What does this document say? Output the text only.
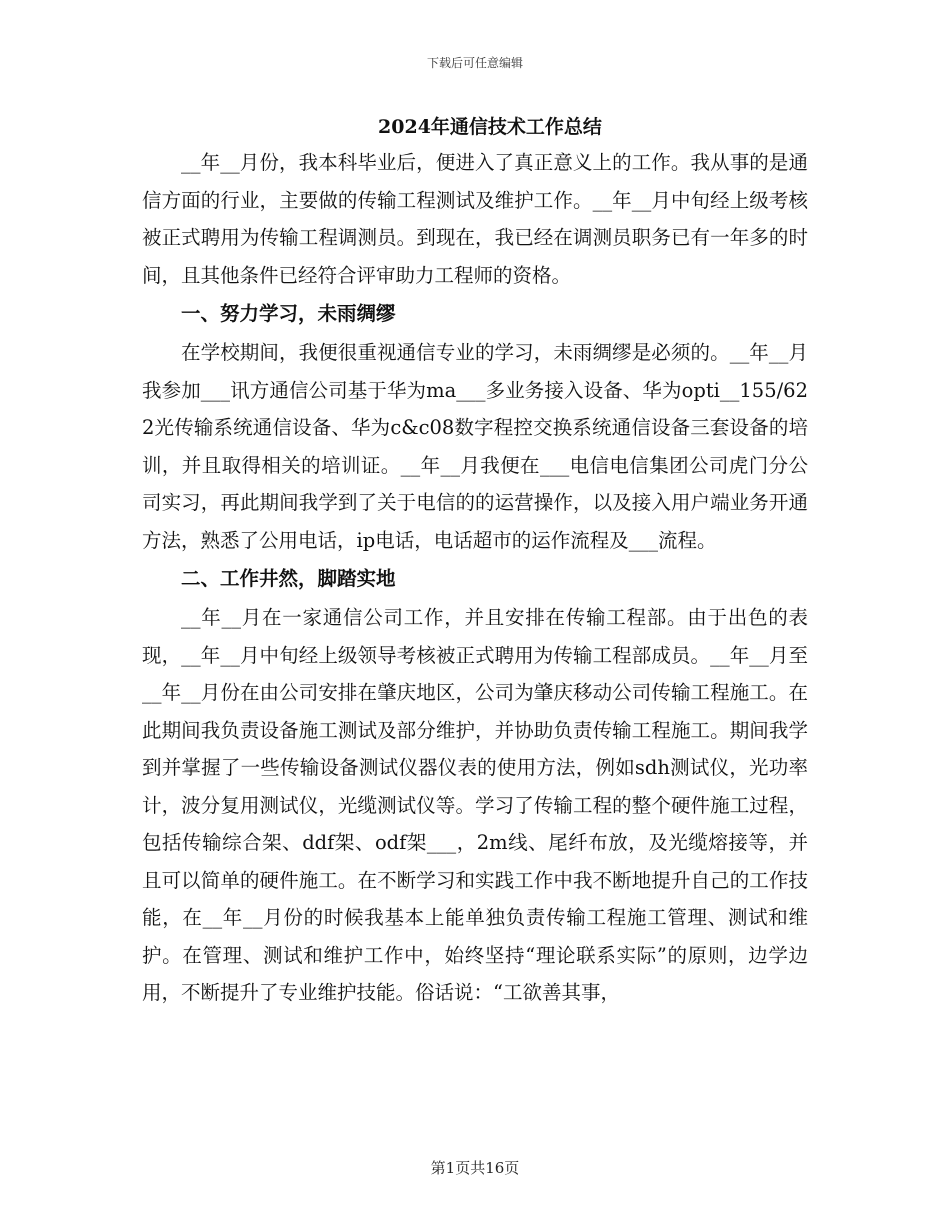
下载后可任意编辑
2024年通信技术工作总结

__年__月份，我本科毕业后，便进入了真正意义上的工作。我从事的是通信方面的行业，主要做的传输工程测试及维护工作。__年__月中旬经上级考核被正式聘用为传输工程调测员。到现在，我已经在调测员职务已有一年多的时间，且其他条件已经符合评审助力工程师的资格。

一、努力学习，未雨绸缪

在学校期间，我便很重视通信专业的学习，未雨绸缪是必须的。__年__月我参加___讯方通信公司基于华为ma___多业务接入设备、华为opti__155/622光传输系统通信设备、华为c&c08数字程控交换系统通信设备三套设备的培训，并且取得相关的培训证。__年__月我便在___电信电信集团公司虎门分公司实习，再此期间我学到了关于电信的的运营操作，以及接入用户端业务开通方法，熟悉了公用电话，ip电话，电话超市的运作流程及___流程。

二、工作井然，脚踏实地

__年__月在一家通信公司工作，并且安排在传输工程部。由于出色的表现，__年__月中旬经上级领导考核被正式聘用为传输工程部成员。__年__月至__年__月份在由公司安排在肇庆地区，公司为肇庆移动公司传输工程施工。在此期间我负责设备施工测试及部分维护，并协助负责传输工程施工。期间我学到并掌握了一些传输设备测试仪器仪表的使用方法，例如sdh测试仪，光功率计，波分复用测试仪，光缆测试仪等。学习了传输工程的整个硬件施工过程，包括传输综合架、ddf架、odf架___，2m线、尾纤布放，及光缆熔接等，并且可以简单的硬件施工。在不断学习和实践工作中我不断地提升自己的工作技能，在__年__月份的时候我基本上能单独负责传输工程施工管理、测试和维护。在管理、测试和维护工作中，始终坚持“理论联系实际”的原则，边学边用，不断提升了专业维护技能。俗话说：“工欲善其事，

第1页共16页
